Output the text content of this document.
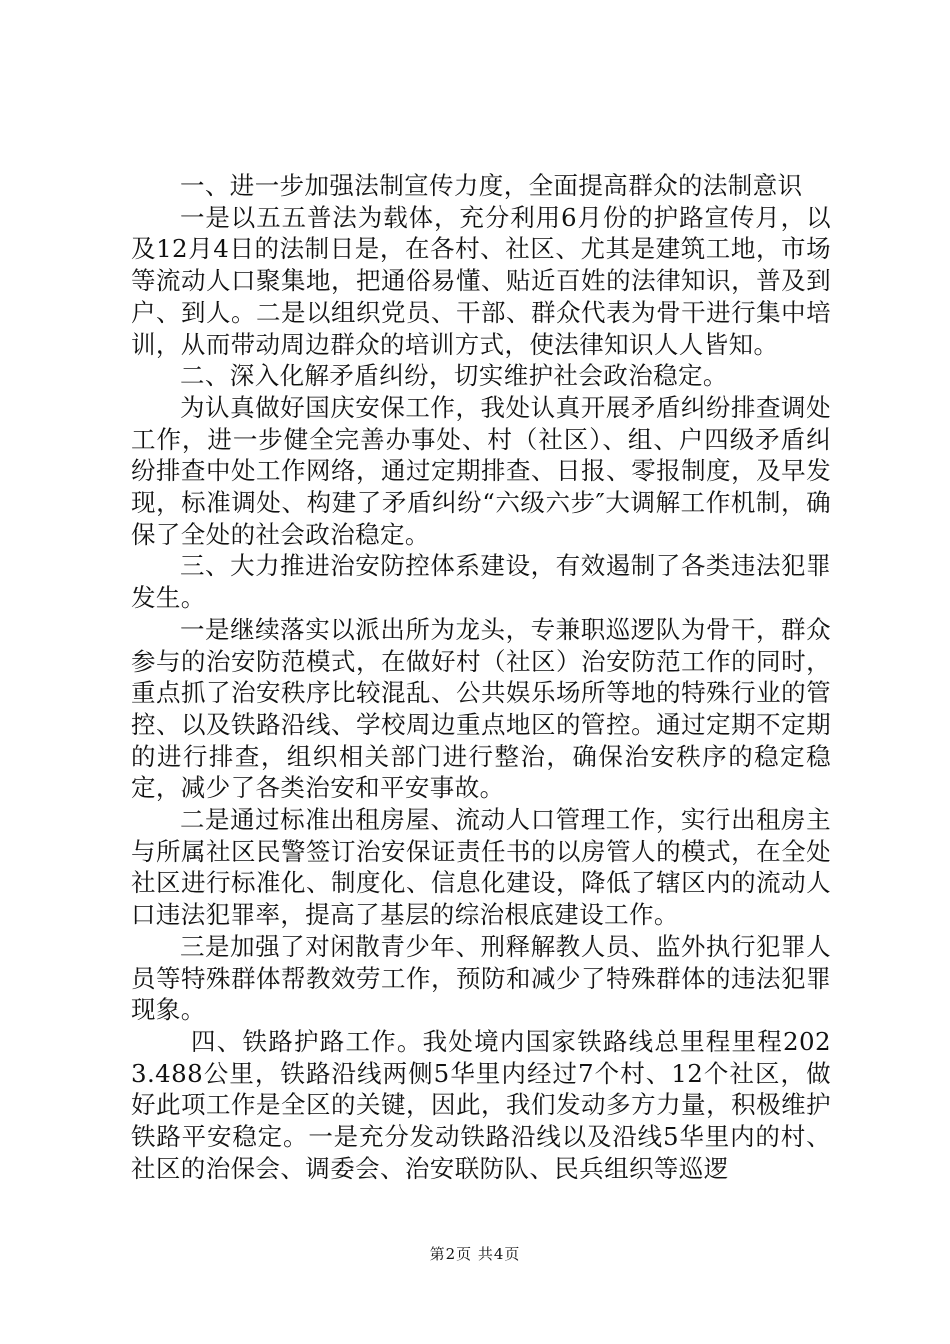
一、进一步加强法制宣传力度，全面提高群众的法制意识

一是以五五普法为载体，充分利用6月份的护路宣传月，以及12月4日的法制日是，在各村、社区、尤其是建筑工地，市场等流动人口聚集地，把通俗易懂、贴近百姓的法律知识，普及到户、到人。二是以组织党员、干部、群众代表为骨干进行集中培训，从而带动周边群众的培训方式，使法律知识人人皆知。

二、深入化解矛盾纠纷，切实维护社会政治稳定。

为认真做好国庆安保工作，我处认真开展矛盾纠纷排查调处工作，进一步健全完善办事处、村（社区）、组、户四级矛盾纠纷排查中处工作网络，通过定期排查、日报、零报制度，及早发现，标准调处、构建了矛盾纠纷“六级六步″大调解工作机制，确保了全处的社会政治稳定。

三、大力推进治安防控体系建设，有效遏制了各类违法犯罪发生。

一是继续落实以派出所为龙头，专兼职巡逻队为骨干，群众参与的治安防范模式，在做好村（社区）治安防范工作的同时，重点抓了治安秩序比较混乱、公共娱乐场所等地的特殊行业的管控、以及铁路沿线、学校周边重点地区的管控。通过定期不定期的进行排查，组织相关部门进行整治，确保治安秩序的稳定稳定，减少了各类治安和平安事故。

二是通过标准出租房屋、流动人口管理工作，实行出租房主与所属社区民警签订治安保证责任书的以房管人的模式，在全处社区进行标准化、制度化、信息化建设，降低了辖区内的流动人口违法犯罪率，提高了基层的综治根底建设工作。

三是加强了对闲散青少年、刑释解教人员、监外执行犯罪人员等特殊群体帮教效劳工作，预防和减少了特殊群体的违法犯罪现象。

四、铁路护路工作。我处境内国家铁路线总里程里程2023.488公里，铁路沿线两侧5华里内经过7个村、12个社区，做好此项工作是全区的关键，因此，我们发动多方力量，积极维护铁路平安稳定。一是充分发动铁路沿线以及沿线5华里内的村、社区的治保会、调委会、治安联防队、民兵组织等巡逻

第2页 共4页
